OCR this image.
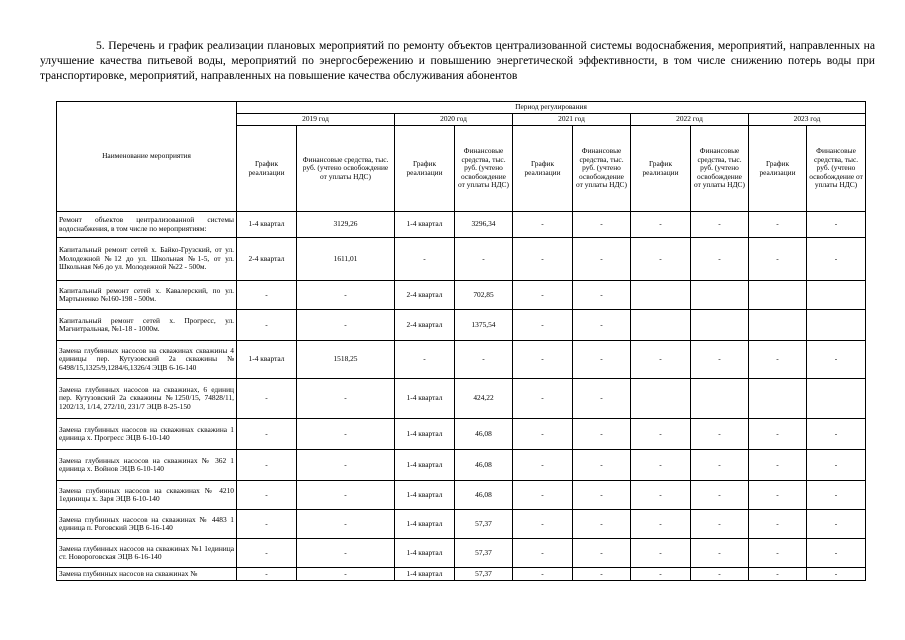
5. Перечень и график реализации плановых мероприятий по ремонту объектов централизованной системы водоснабжения, мероприятий, направленных на улучшение качества питьевой воды, мероприятий по энергосбережению и повышению энергетической эффективности, в том числе снижению потерь воды при транспортировке, мероприятий, направленных на повышение качества обслуживания абонентов
Наименование мероприятия	Период регулирования									
	2019 год		2020 год		2021 год		2022 год		2023 год	
	График реализации	Финансовые средства, тыс. руб. (учтено освобождение от уплаты НДС)	График реализации	Финансовые средства, тыс. руб. (учтено освобождение от уплаты НДС)	График реализации	Финансовые средства, тыс. руб. (учтено освобождение от уплаты НДС)	График реализации	Финансовые средства, тыс. руб. (учтено освобождение от уплаты НДС)	График реализации	Финансовые средства, тыс. руб. (учтено освобождение от уплаты НДС)
Ремонт объектов централизованной системы водоснабжения, в том числе по мероприятиям:	1-4 квартал	3129,26	1-4 квартал	3296,34	-	-	-	-	-	-
Капитальный ремонт сетей х. Байко-Грузский, от ул. Молодежной №12 до ул. Школьная №1-5, от ул. Школьная №6 до ул. Молодежной №22 - 500м.	2-4 квартал	1611,01	-	-	-	-	-	-	-	-
Капитальный ремонт сетей х. Кавалерский, по ул. Мартыненко №160-198 - 500м.	-	-	2-4 квартал	702,85	-	-				
Капитальный ремонт сетей х. Прогресс, ул. Магнитральная, №1-18 - 1000м.	-	-	2-4 квартал	1375,54	-	-				
Замена глубинных насосов на скважинах скважины 4 единицы пер. Кутузовский 2а скважины № 6498/15,1325/9,1284/6,1326/4 ЭЦВ 6-16-140	1-4 квартал	1518,25	-	-	-	-	-	-	-	-
Замена глубинных насосов на скважинах, 6 единиц пер. Кутузовский 2а скважины №1250/15, 74828/11, 1202/13, 1/14, 272/10, 231/7 ЭЦВ 8-25-150	-	-	1-4 квартал	424,22	-	-				
Замена глубинных насосов на скважинах скважина 1 единица х. Прогресс ЭЦВ 6-10-140	-	-	1-4 квартал	46,08	-	-	-	-	-	-
Замена глубинных насосов на скважинах № 362 1 единица х. Войнов ЭЦВ 6-10-140	-	-	1-4 квартал	46,08	-	-	-	-	-	-
Замена глубинных насосов на скважинах № 4210 1единицы х. Заря ЭЦВ 6-10-140	-	-	1-4 квартал	46,08	-	-	-	-	-	-
Замена глубинных насосов на скважинах № 4483 1 единица п. Роговский ЭЦВ 6-16-140	-	-	1-4 квартал	57,37	-	-	-	-	-	-
Замена глубинных насосов на скважинах №1 1единица ст. Новороговская ЭЦВ 6-16-140	-	-	1-4 квартал	57,37	-	-	-	-	-	-
Замена глубинных насосов на скважинах №	-	-	1-4 квартал	57,37	-	-	-	-	-	-
